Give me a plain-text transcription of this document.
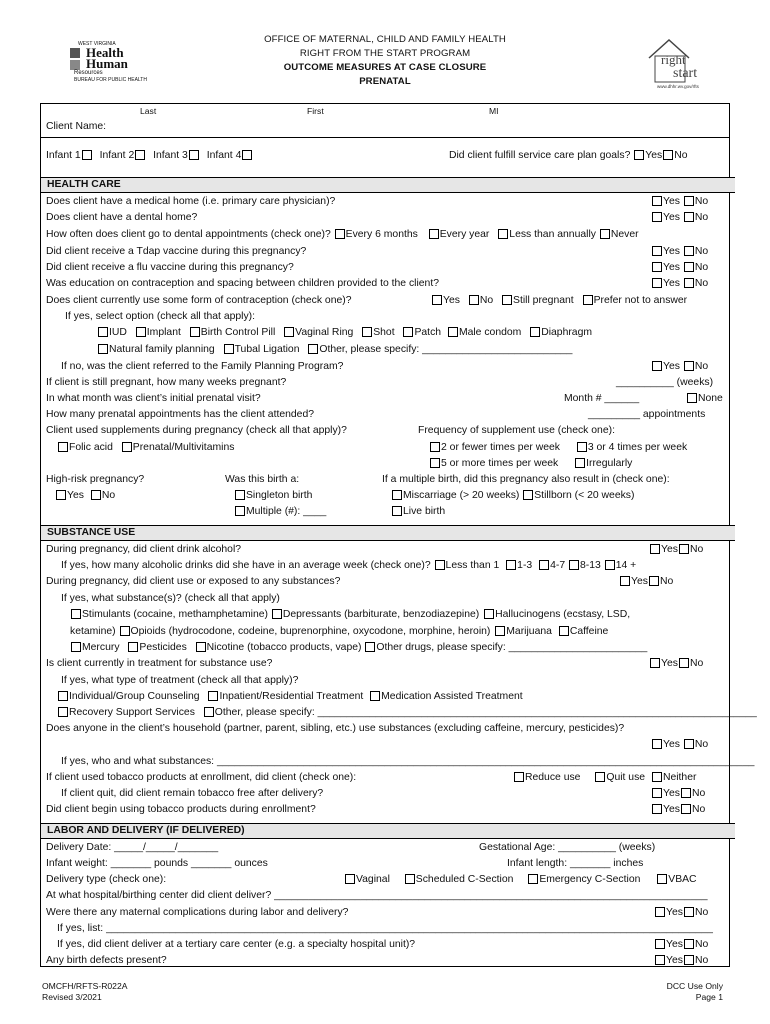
WEST VIRGINIA
Health
Human
Resources
BUREAU FOR PUBLIC HEALTH
OFFICE OF MATERNAL, CHILD AND FAMILY HEALTH
RIGHT FROM THE START PROGRAM
OUTCOME MEASURES AT CASE CLOSURE
PRENATAL
right
start
www.dhhr.wv.gov/rfts
Last	First	MI
Client Name:
Infant 1 Infant 2 Infant 3 Infant 4	Did client fulfill service care plan goals? Yes No
HEALTH CARE
Does client have a medical home (i.e. primary care physician)?	Yes No
Does client have a dental home?	Yes No
How often does client go to dental appointments (check one)? Every 6 months Every year Less than annually Never
Did client receive a Tdap vaccine during this pregnancy?	Yes No
Did client receive a flu vaccine during this pregnancy?	Yes No
Was education on contraception and spacing between children provided to the client?	Yes No
Does client currently use some form of contraception (check one)?	Yes No Still pregnant Prefer not to answer
If yes, select option (check all that apply):
IUD Implant Birth Control Pill Vaginal Ring Shot Patch Male condom Diaphragm
Natural family planning Tubal Ligation Other, please specify: __________________________
If no, was the client referred to the Family Planning Program?	Yes No
If client is still pregnant, how many weeks pregnant?	__________ (weeks)
In what month was client’s initial prenatal visit?	Month # ______	None
How many prenatal appointments has the client attended?	_________ appointments
Client used supplements during pregnancy (check all that apply)?	Frequency of supplement use (check one):
Folic acid Prenatal/Multivitamins	2 or fewer times per week	3 or 4 times per week
5 or more times per week	Irregularly
High-risk pregnancy?	Was this birth a:	If a multiple birth, did this pregnancy also result in (check one):
Yes No	Singleton birth	Miscarriage (> 20 weeks) Stillborn (< 20 weeks)
Multiple (#): ____	Live birth
SUBSTANCE USE
During pregnancy, did client drink alcohol?	Yes No
If yes, how many alcoholic drinks did she have in an average week (check one)? Less than 1 1-3 4-7 8-13 14 +
During pregnancy, did client use or exposed to any substances?	Yes No
If yes, what substance(s)? (check all that apply)
Stimulants (cocaine, methamphetamine) Depressants (barbiturate, benzodiazepine) Hallucinogens (ecstasy, LSD,
ketamine) Opioids (hydrocodone, codeine, buprenorphine, oxycodone, morphine, heroin) Marijuana Caffeine
Mercury Pesticides Nicotine (tobacco products, vape) Other drugs, please specify: ________________________
Is client currently in treatment for substance use?	Yes No
If yes, what type of treatment (check all that apply)?
Individual/Group Counseling Inpatient/Residential Treatment Medication Assisted Treatment
Recovery Support Services Other, please specify: ____________________________________________________________________________
Does anyone in the client’s household (partner, parent, sibling, etc.) use substances (excluding caffeine, mercury, pesticides)?
Yes No
If yes, who and what substances: _____________________________________________________________________________________________
If client used tobacco products at enrollment, did client (check one):	Reduce use Quit use Neither
If client quit, did client remain tobacco free after delivery?	Yes No
Did client begin using tobacco products during enrollment?	Yes No
LABOR AND DELIVERY (IF DELIVERED)
Delivery Date: _____/_____/_______	Gestational Age: __________ (weeks)
Infant weight: _______ pounds _______ ounces	Infant length: _______ inches
Delivery type (check one):	Vaginal Scheduled C-Section Emergency C-Section	VBAC
At what hospital/birthing center did client deliver? ___________________________________________________________________________
Were there any maternal complications during labor and delivery?	Yes No
If yes, list: _________________________________________________________________________________________________________
If yes, did client deliver at a tertiary care center (e.g. a specialty hospital unit)?	Yes No
Any birth defects present?	Yes No
OMCFH/RFTS-R022A
Revised 3/2021
DCC Use Only
Page 1
